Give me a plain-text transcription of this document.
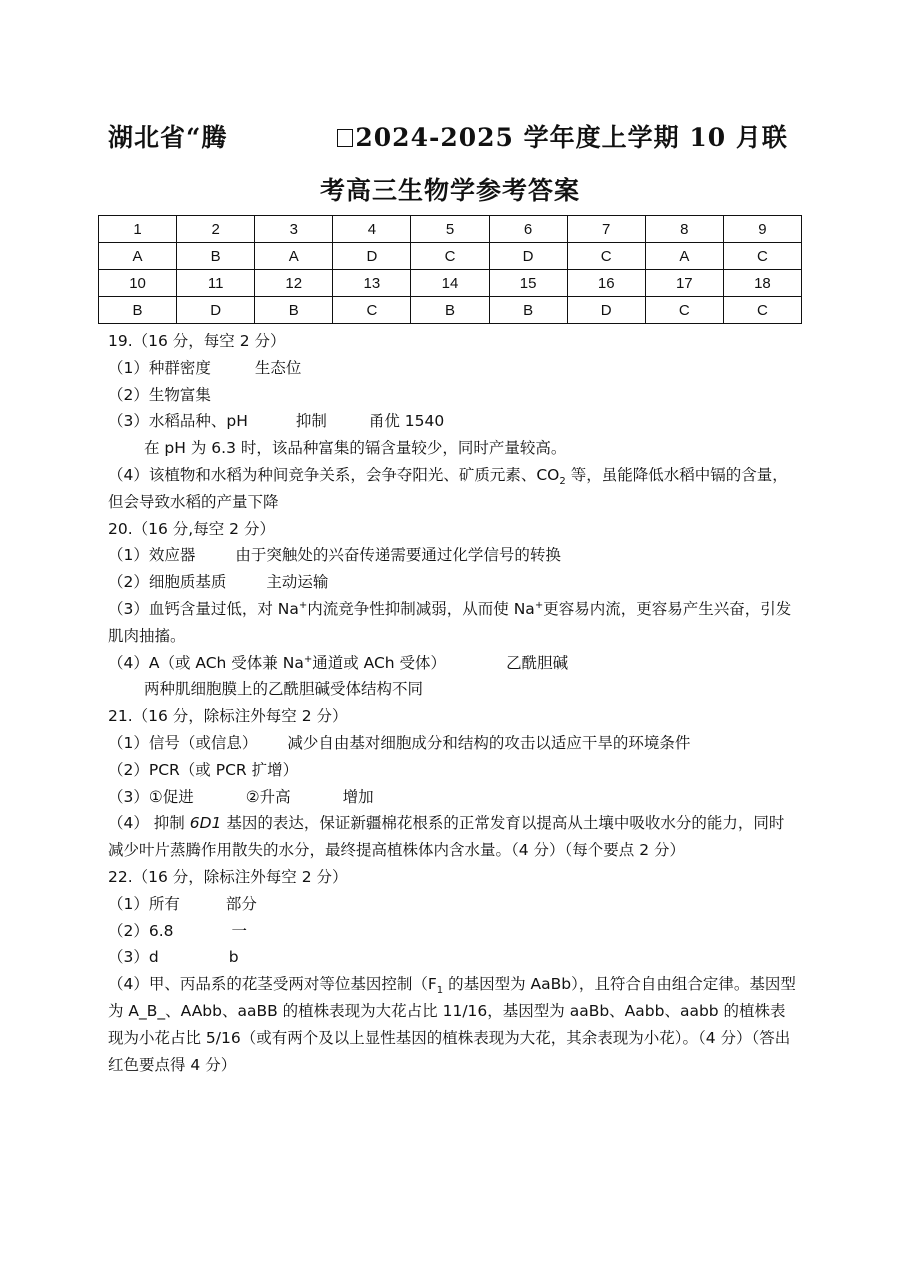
湖北省“腾	2024-2025 学年度上学期 10 月联
考高三生物学参考答案
1	2	3	4	5	6	7	8	9
A	B	A	D	C	D	C	A	C
10	11	12	13	14	15	16	17	18
B	D	B	C	B	B	D	C	C
19.（16 分，每空 2 分）
（1）种群密度	生态位
（2）生物富集
（3）水稻品种、pH	抑制	甬优 1540
在 pH 为 6.3 时，该品种富集的镉含量较少，同时产量较高。
（4）该植物和水稻为种间竞争关系，会争夺阳光、矿质元素、$CO_2$ 等，虽能降低水稻中镉的含量，但会导致水稻的产量下降
20.（16 分,每空 2 分）
（1）效应器	由于突触处的兴奋传递需要通过化学信号的转换
（2）细胞质基质	主动运输
（3）血钙含量过低，对 Na+内流竞争性抑制减弱，从而使 Na+更容易内流，更容易产生兴奋，引发肌肉抽搐。
（4）A（或 ACh 受体兼 Na+通道或 ACh 受体）	乙酰胆碱
两种肌细胞膜上的乙酰胆碱受体结构不同
21.（16 分，除标注外每空 2 分）
（1）信号（或信息） 减少自由基对细胞成分和结构的攻击以适应干旱的环境条件
（2）PCR（或 PCR 扩增）
（3）①促进	②升高	增加
（4） 抑制 6D1 基因的表达，保证新疆棉花根系的正常发育以提高从土壤中吸收水分的能力，同时减少叶片蒸腾作用散失的水分，最终提高植株体内含水量。（4 分）（每个要点 2 分）
22.（16 分，除标注外每空 2 分）
（1）所有	部分
（2）6.8	一
（3）d	b
（4）甲、丙品系的花茎受两对等位基因控制（$F_1$ 的基因型为 AaBb），且符合自由组合定律。基因型为 A_B_、AAbb、aaBB 的植株表现为大花占比 11/16，基因型为 aaBb、Aabb、aabb 的植株表现为小花占比 5/16（或有两个及以上显性基因的植株表现为大花，其余表现为小花）。（4 分）（答出红色要点得 4 分）
